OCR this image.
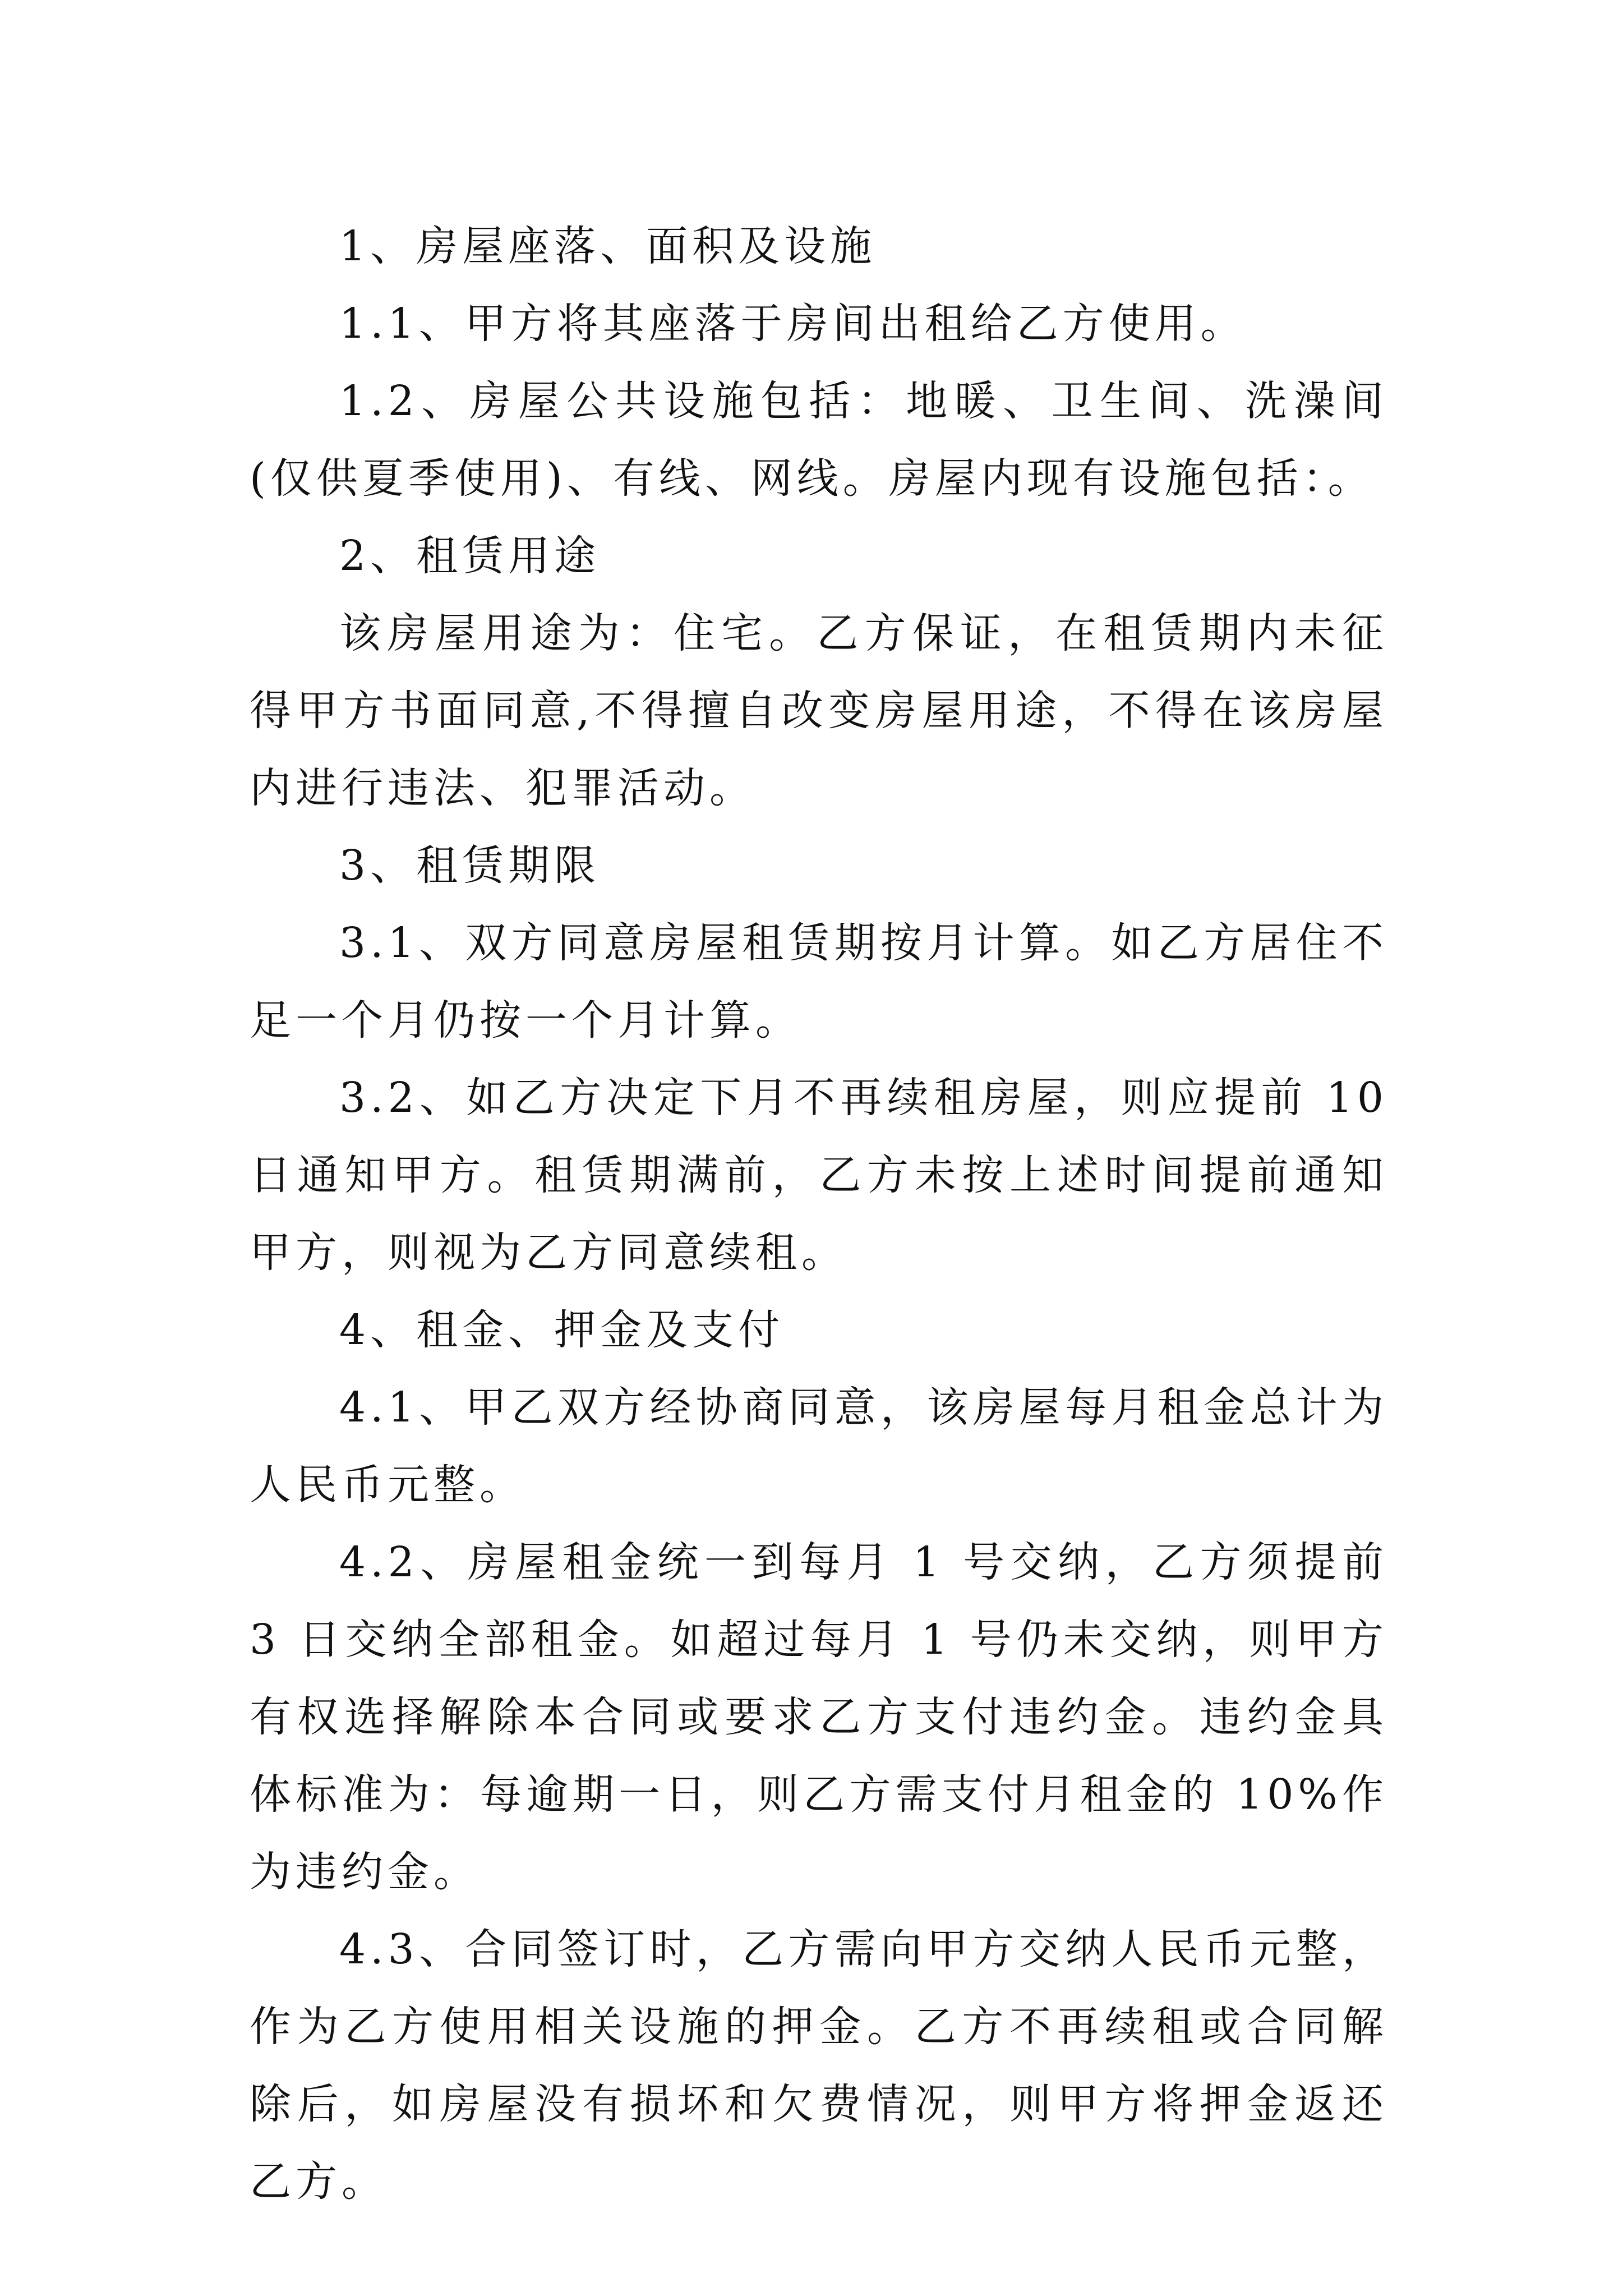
1、房屋座落、面积及设施

1.1、甲方将其座落于房间出租给乙方使用。

1.2、房屋公共设施包括：地暖、卫生间、洗澡间(仅供夏季使用)、有线、网线。房屋内现有设施包括：。

2、租赁用途

该房屋用途为：住宅。乙方保证，在租赁期内未征得甲方书面同意,不得擅自改变房屋用途，不得在该房屋内进行违法、犯罪活动。

3、租赁期限

3.1、双方同意房屋租赁期按月计算。如乙方居住不足一个月仍按一个月计算。

3.2、如乙方决定下月不再续租房屋，则应提前 10 日通知甲方。租赁期满前，乙方未按上述时间提前通知甲方，则视为乙方同意续租。

4、租金、押金及支付

4.1、甲乙双方经协商同意，该房屋每月租金总计为人民币元整。

4.2、房屋租金统一到每月 1 号交纳，乙方须提前 3 日交纳全部租金。如超过每月 1 号仍未交纳，则甲方有权选择解除本合同或要求乙方支付违约金。违约金具体标准为：每逾期一日，则乙方需支付月租金的 10%作为违约金。

4.3、合同签订时，乙方需向甲方交纳人民币元整，作为乙方使用相关设施的押金。乙方不再续租或合同解除后，如房屋没有损坏和欠费情况，则甲方将押金返还乙方。
